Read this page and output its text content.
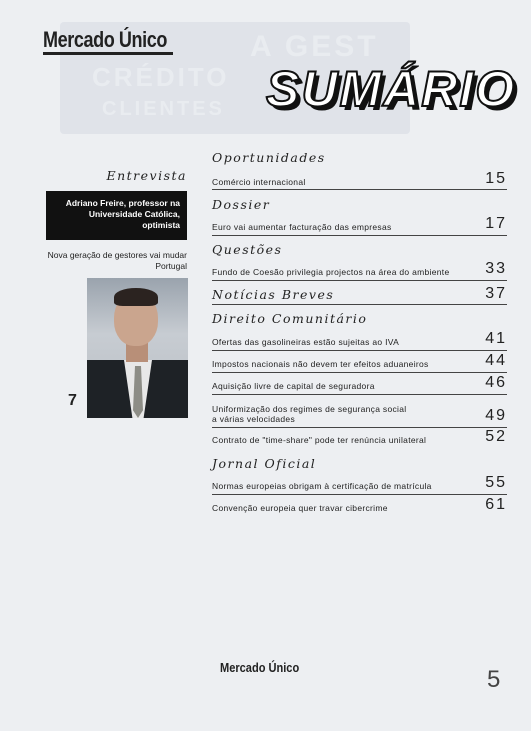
A GEST
CRÉDITO
CLIENTES
Mercado Único
SUMÁRIO
Entrevista
Adriano Freire, professor na Universidade Católica, optimista
Nova geração de gestores vai mudar Portugal
7
Oportunidades
Comércio internacional	15
Dossier
Euro vai aumentar facturação das empresas	17
Questões
Fundo de Coesão privilegia projectos na área do ambiente 33
Notícias Breves	37
Direito Comunitário
Ofertas das gasolineiras estão sujeitas ao IVA	41
Impostos nacionais não devem ter efeitos aduaneiros	44
Aquisição livre de capital de seguradora	46
Uniformização dos regimes de segurança social
a várias velocidades	49
Contrato de "time-share" pode ter renúncia unilateral	52
Jornal Oficial
Normas europeias obrigam à certificação de matrícula	55
Convenção europeia quer travar cibercrime	61
Mercado Único	5
